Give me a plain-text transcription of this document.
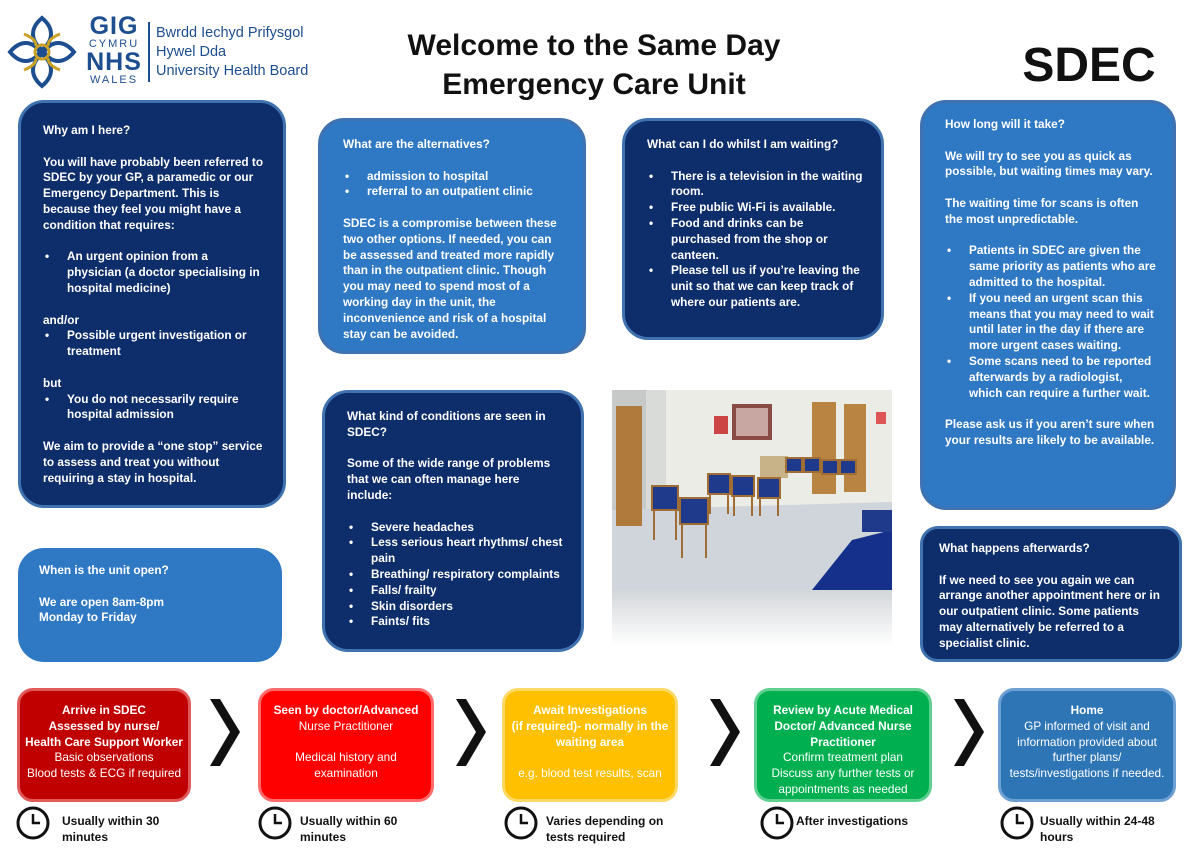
GIG
CYMRU
NHS
WALES
Bwrdd Iechyd Prifysgol
Hywel Dda
University Health Board
Welcome to the Same Day
Emergency Care Unit	SDEC
Why am I here?

You will have probably been referred to SDEC by your GP, a paramedic or our Emergency Department. This is because they feel you might have a condition that requires:

• An urgent opinion from a physician (a doctor specialising in hospital medicine)

and/or

• Possible urgent investigation or treatment

but

• You do not necessarily require hospital admission

We aim to provide a “one stop” service to assess and treat you without requiring a stay in hospital.

When is the unit open?

We are open 8am-8pm

Monday to Friday

What are the alternatives?
• admission to hospital
• referral to an outpatient clinic

SDEC is a compromise between these two other options. If needed, you can be assessed and treated more rapidly than in the outpatient clinic. Though you may need to spend most of a working day in the unit, the inconvenience and risk of a hospital stay can be avoided.

What can I do whilst I am waiting?
• There is a television in the waiting room.
• Free public Wi-Fi is available.
• Food and drinks can be purchased from the shop or canteen.
• Please tell us if you’re leaving the unit so that we can keep track of where our patients are.
What kind of conditions are seen in SDEC?

Some of the wide range of problems that we can often manage here include:

• Severe headaches
• Less serious heart rhythms/ chest pain
• Breathing/ respiratory complaints
• Falls/ frailty
• Skin disorders
• Faints/ fits
How long will it take?

We will try to see you as quick as possible, but waiting times may vary.

The waiting time for scans is often the most unpredictable.

• Patients in SDEC are given the same priority as patients who are admitted to the hospital.
• If you need an urgent scan this means that you may need to wait until later in the day if there are more urgent cases waiting.
• Some scans need to be reported afterwards by a radiologist, which can require a further wait.

Please ask us if you aren’t sure when your results are likely to be available.

What happens afterwards?

If we need to see you again we can arrange another appointment here or in our outpatient clinic. Some patients may alternatively be referred to a specialist clinic.

Arrive in SDEC
Assessed by nurse/
Health Care Support Worker
Basic observations
Blood tests & ECG if required
Seen by doctor/Advanced
Nurse Practitioner
Medical history and
examination
Await Investigations
(if required)- normally in the
waiting area
e.g. blood test results, scan
Review by Acute Medical
Doctor/ Advanced Nurse
Practitioner
Confirm treatment plan
Discuss any further tests or
appointments as needed
Home
GP informed of visit and
information provided about
further plans/
tests/investigations if needed.
Usually within 30 minutes
Usually within 60 minutes
Varies depending on tests required
After investigations	Usually within 24-48 hours
